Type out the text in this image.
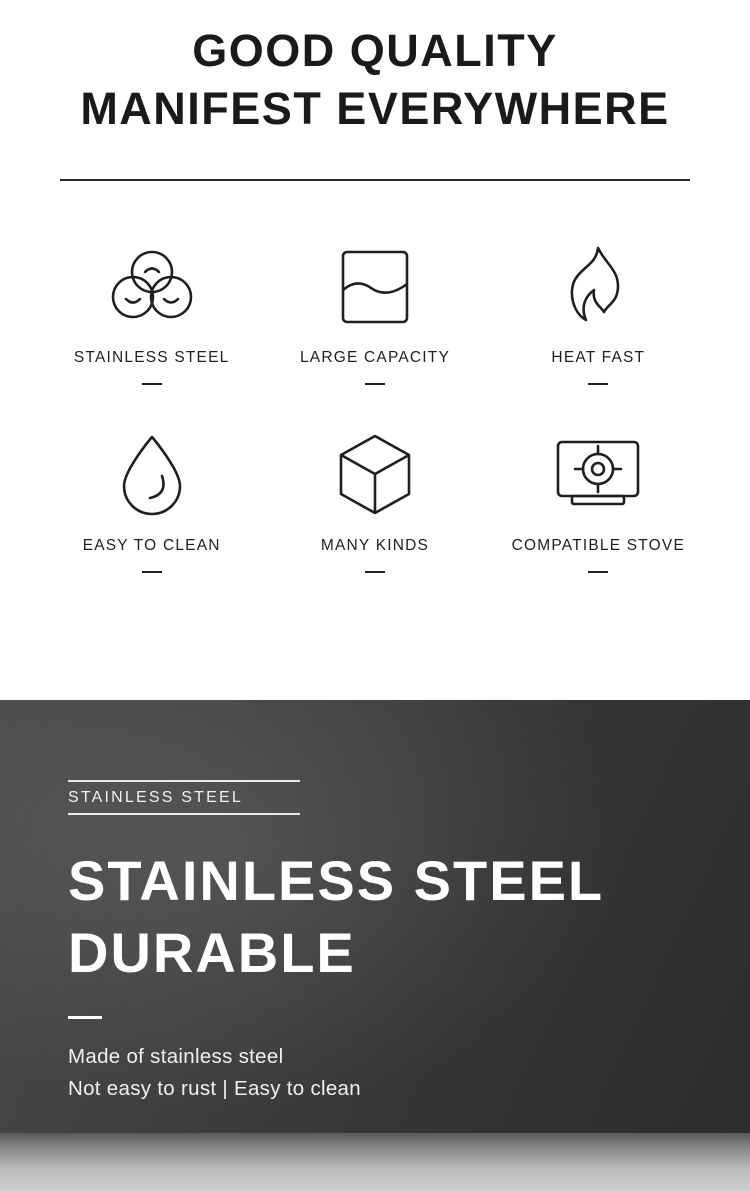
GOOD QUALITY
MANIFEST EVERYWHERE
STAINLESS STEEL	LARGE CAPACITY	HEAT FAST
EASY TO CLEAN	MANY KINDS	COMPATIBLE STOVE
STAINLESS STEEL
STAINLESS STEEL
DURABLE
Made of stainless steel
Not easy to rust | Easy to clean
